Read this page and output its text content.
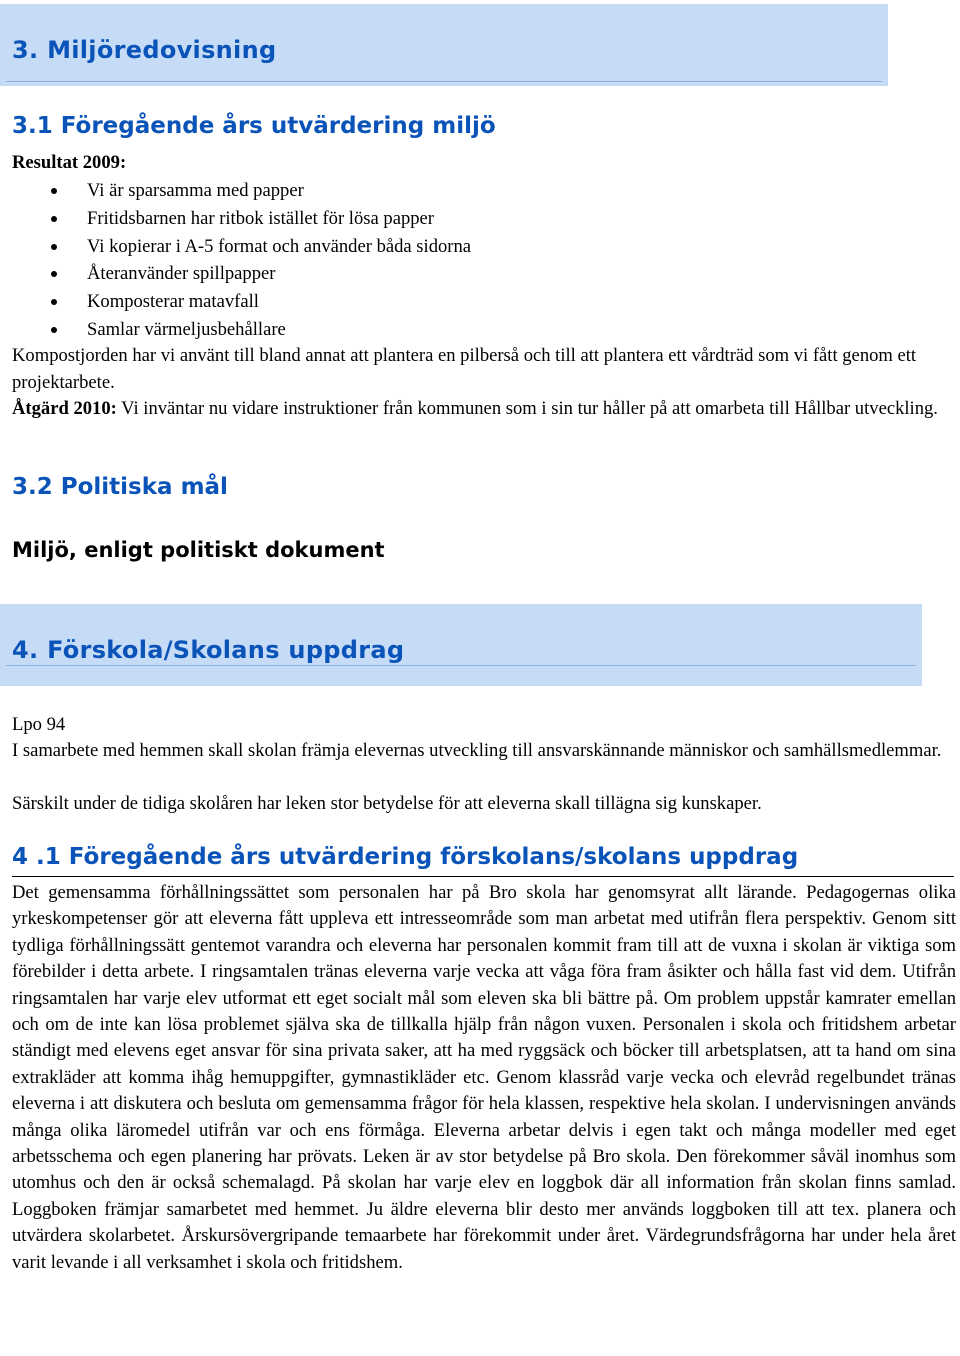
3. Miljöredovisning
3.1 Föregående års utvärdering miljö

Resultat 2009:

Vi är sparsamma med papper
Fritidsbarnen har ritbok istället för lösa papper
Vi kopierar i A-5 format och använder båda sidorna
Återanvänder spillpapper
Komposterar matavfall
Samlar värmeljusbehållare

Kompostjorden har vi använt till bland annat att plantera en pilberså och till att plantera ett vårdträd som vi fått genom ett projektarbete.

Åtgärd 2010: Vi inväntar nu vidare instruktioner från kommunen som i sin tur håller på att omarbeta till Hållbar utveckling.

3.2 Politiska mål
Miljö, enligt politiskt dokument
4. Förskola/Skolans uppdrag

Lpo 94

I samarbete med hemmen skall skolan främja elevernas utveckling till ansvarskännande människor och samhällsmedlemmar.

Särskilt under de tidiga skolåren har leken stor betydelse för att eleverna skall tillägna sig kunskaper.

4 .1 Föregående års utvärdering förskolans/skolans uppdrag

Det gemensamma förhållningssättet som personalen har på Bro skola har genomsyrat allt lärande. Pedagogernas olika yrkeskompetenser gör att eleverna fått uppleva ett intresseområde som man arbetat med utifrån flera perspektiv. Genom sitt tydliga förhållningssätt gentemot varandra och eleverna har personalen kommit fram till att de vuxna i skolan är viktiga som förebilder i detta arbete. I ringsamtalen tränas eleverna varje vecka att våga föra fram åsikter och hålla fast vid dem. Utifrån ringsamtalen har varje elev utformat ett eget socialt mål som eleven ska bli bättre på. Om problem uppstår kamrater emellan och om de inte kan lösa problemet själva ska de tillkalla hjälp från någon vuxen. Personalen i skola och fritidshem arbetar ständigt med elevens eget ansvar för sina privata saker, att ha med ryggsäck och böcker till arbetsplatsen, att ta hand om sina extrakläder att komma ihåg hemuppgifter, gymnastikläder etc. Genom klassråd varje vecka och elevråd regelbundet tränas eleverna i att diskutera och besluta om gemensamma frågor för hela klassen, respektive hela skolan. I undervisningen används många olika läromedel utifrån var och ens förmåga. Eleverna arbetar delvis i egen takt och många modeller med eget arbetsschema och egen planering har prövats. Leken är av stor betydelse på Bro skola. Den förekommer såväl inomhus som utomhus och den är också schemalagd. På skolan har varje elev en loggbok där all information från skolan finns samlad. Loggboken främjar samarbetet med hemmet. Ju äldre eleverna blir desto mer används loggboken till att tex. planera och utvärdera skolarbetet. Årskursövergripande temaarbete har förekommit under året. Värdegrundsfrågorna har under hela året varit levande i all verksamhet i skola och fritidshem.
